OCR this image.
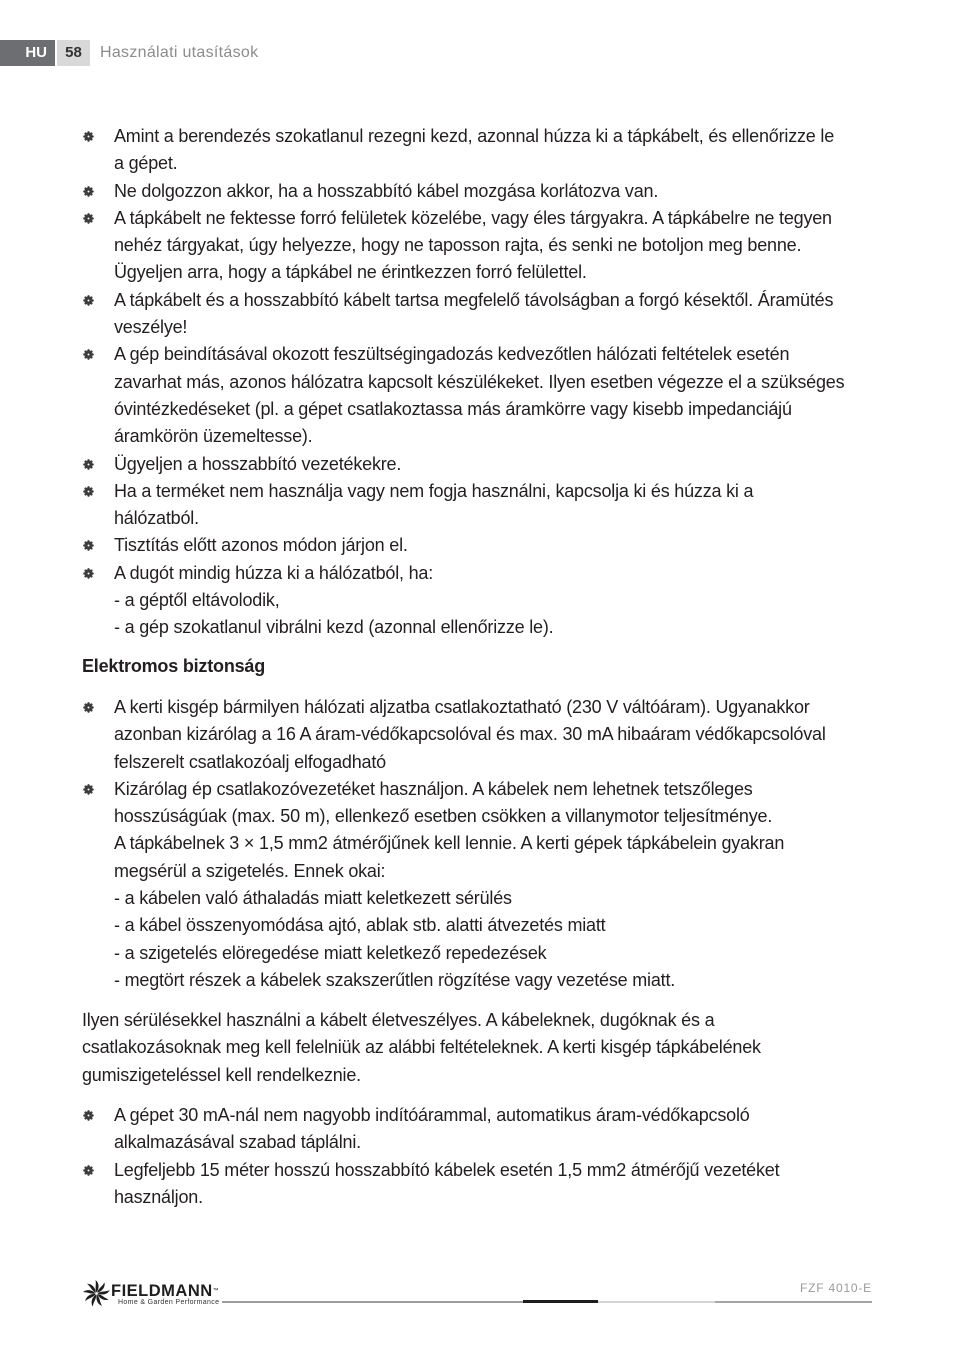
HU	58	Használati utasítások
Amint a berendezés szokatlanul rezegni kezd, azonnal húzza ki a tápkábelt, és ellenőrizze le
a gépet.
Ne dolgozzon akkor, ha a hosszabbító kábel mozgása korlátozva van.
A tápkábelt ne fektesse forró felületek közelébe, vagy éles tárgyakra. A tápkábelre ne tegyen
nehéz tárgyakat, úgy helyezze, hogy ne taposson rajta, és senki ne botoljon meg benne.
Ügyeljen arra, hogy a tápkábel ne érintkezzen forró felülettel.
A tápkábelt és a hosszabbító kábelt tartsa megfelelő távolságban a forgó késektől. Áramütés
veszélye!
A gép beindításával okozott feszültségingadozás kedvezőtlen hálózati feltételek esetén
zavarhat más, azonos hálózatra kapcsolt készülékeket. Ilyen esetben végezze el a szükséges
óvintézkedéseket (pl. a gépet csatlakoztassa más áramkörre vagy kisebb impedanciájú
áramkörön üzemeltesse).
Ügyeljen a hosszabbító vezetékekre.
Ha a terméket nem használja vagy nem fogja használni, kapcsolja ki és húzza ki a
hálózatból.
Tisztítás előtt azonos módon járjon el.
A dugót mindig húzza ki a hálózatból, ha:
- a géptől eltávolodik,
- a gép szokatlanul vibrálni kezd (azonnal ellenőrizze le).
Elektromos biztonság
A kerti kisgép bármilyen hálózati aljzatba csatlakoztatható (230 V váltóáram). Ugyanakkor
azonban kizárólag a 16 A áram-védőkapcsolóval és max. 30 mA hibaáram védőkapcsolóval
felszerelt csatlakozóalj elfogadható
Kizárólag ép csatlakozóvezetéket használjon. A kábelek nem lehetnek tetszőleges
hosszúságúak (max. 50 m), ellenkező esetben csökken a villanymotor teljesítménye.
A tápkábelnek 3 × 1,5 mm2 átmérőjűnek kell lennie. A kerti gépek tápkábelein gyakran
megsérül a szigetelés. Ennek okai:
- a kábelen való áthaladás miatt keletkezett sérülés
- a kábel összenyomódása ajtó, ablak stb. alatti átvezetés miatt
- a szigetelés elöregedése miatt keletkező repedezések
- megtört részek a kábelek szakszerűtlen rögzítése vagy vezetése miatt.
Ilyen sérülésekkel használni a kábelt életveszélyes. A kábeleknek, dugóknak és a
csatlakozásoknak meg kell felelniük az alábbi feltételeknek. A kerti kisgép tápkábelének
gumiszigeteléssel kell rendelkeznie.
A gépet 30 mA-nál nem nagyobb indítóárammal, automatikus áram-védőkapcsoló
alkalmazásával szabad táplálni.
Legfeljebb 15 méter hosszú hosszabbító kábelek esetén 1,5 mm2 átmérőjű vezetéket
használjon.
FIELDMANN™
Home & Garden Performance
FZF 4010-E
